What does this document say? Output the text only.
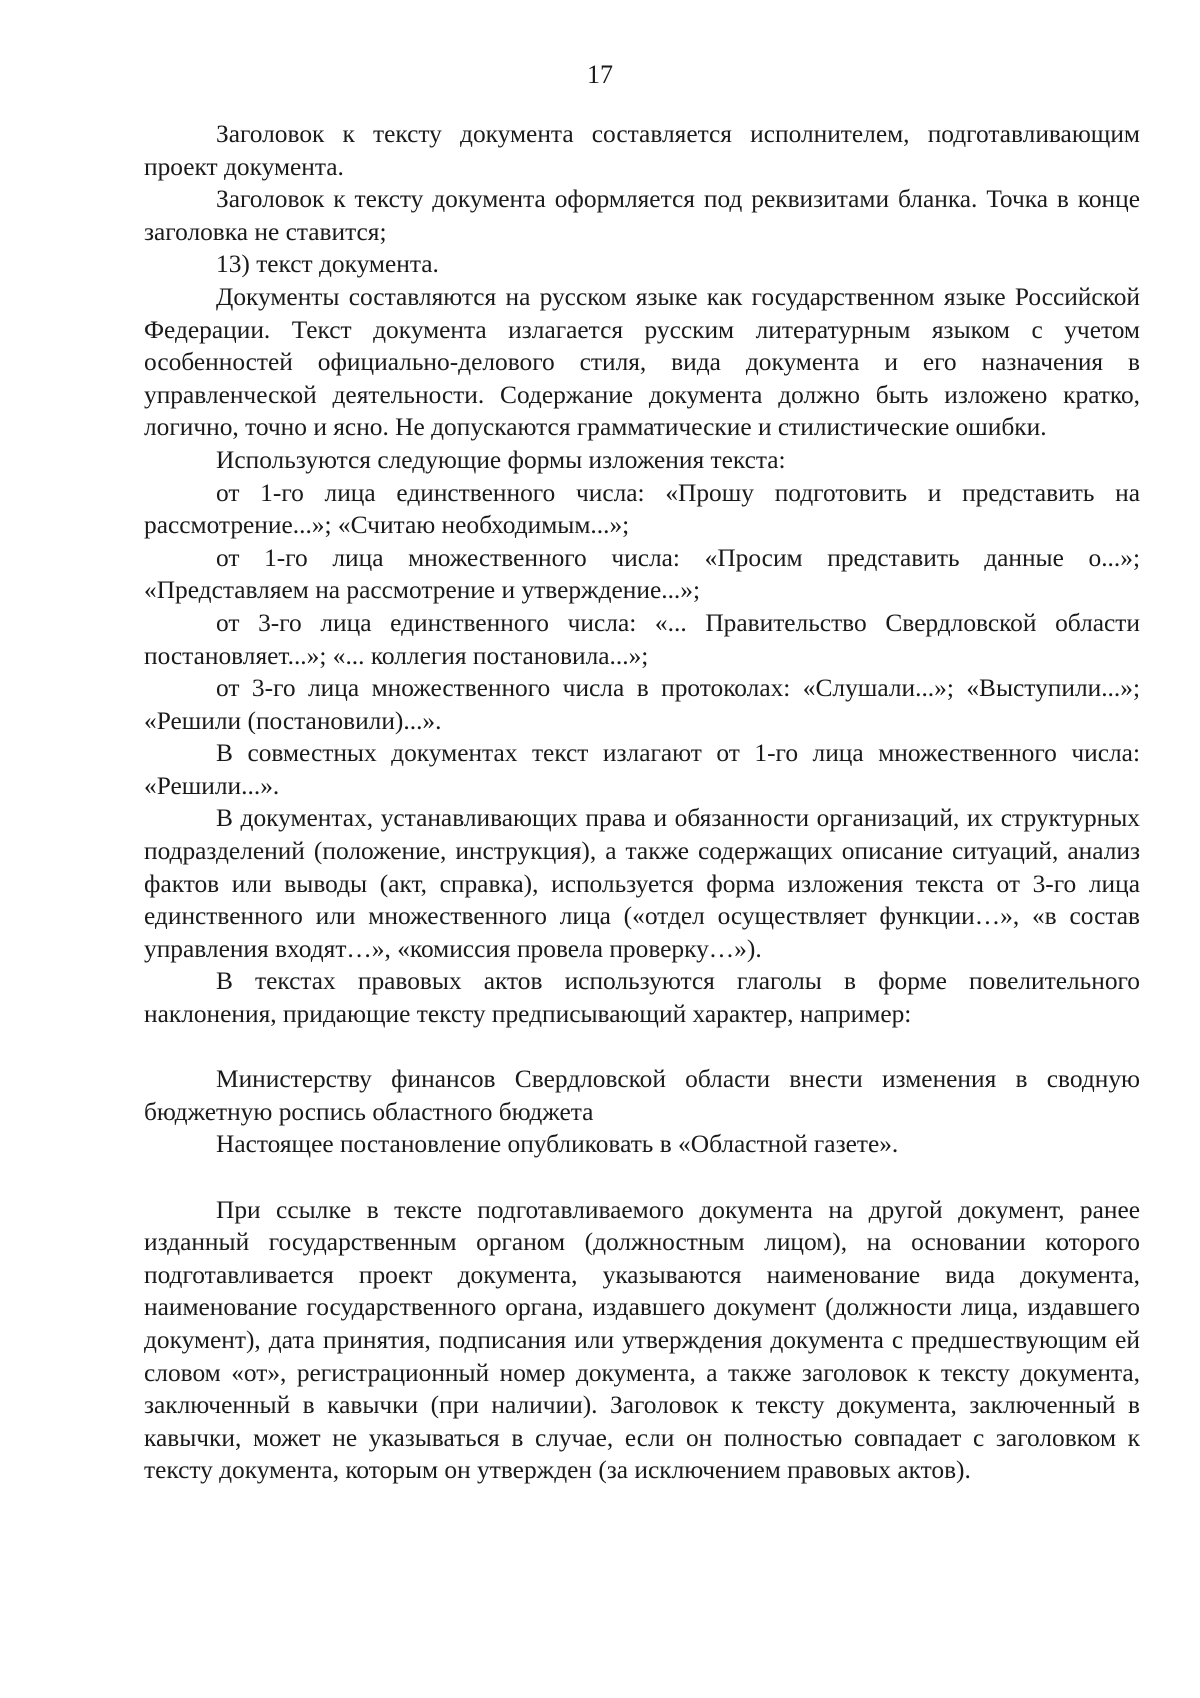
17

Заголовок к тексту документа составляется исполнителем, подготавливающим проект документа.

Заголовок к тексту документа оформляется под реквизитами бланка. Точка в конце заголовка не ставится;

13) текст документа.

Документы составляются на русском языке как государственном языке Российской Федерации. Текст документа излагается русским литературным языком с учетом особенностей официально-делового стиля, вида документа и его назначения в управленческой деятельности. Содержание документа должно быть изложено кратко, логично, точно и ясно. Не допускаются грамматические и стилистические ошибки.

Используются следующие формы изложения текста:

от 1-го лица единственного числа: «Прошу подготовить и представить на рассмотрение...»; «Считаю необходимым...»;

от 1-го лица множественного числа: «Просим представить данные о...»; «Представляем на рассмотрение и утверждение...»;

от 3-го лица единственного числа: «... Правительство Свердловской области постановляет...»; «... коллегия постановила...»;

от 3-го лица множественного числа в протоколах: «Слушали...»; «Выступили...»; «Решили (постановили)...».

В совместных документах текст излагают от 1-го лица множественного числа: «Решили...».

В документах, устанавливающих права и обязанности организаций, их структурных подразделений (положение, инструкция), а также содержащих описание ситуаций, анализ фактов или выводы (акт, справка), используется форма изложения текста от 3-го лица единственного или множественного лица («отдел осуществляет функции…», «в состав управления входят…», «комиссия провела проверку…»).

В текстах правовых актов используются глаголы в форме повелительного наклонения, придающие тексту предписывающий характер, например:

Министерству финансов Свердловской области внести изменения в сводную бюджетную роспись областного бюджета

Настоящее постановление опубликовать в «Областной газете».

При ссылке в тексте подготавливаемого документа на другой документ, ранее изданный государственным органом (должностным лицом), на основании которого подготавливается проект документа, указываются наименование вида документа, наименование государственного органа, издавшего документ (должности лица, издавшего документ), дата принятия, подписания или утверждения документа с предшествующим ей словом «от», регистрационный номер документа, а также заголовок к тексту документа, заключенный в кавычки (при наличии). Заголовок к тексту документа, заключенный в кавычки, может не указываться в случае, если он полностью совпадает с заголовком к тексту документа, которым он утвержден (за исключением правовых актов).
